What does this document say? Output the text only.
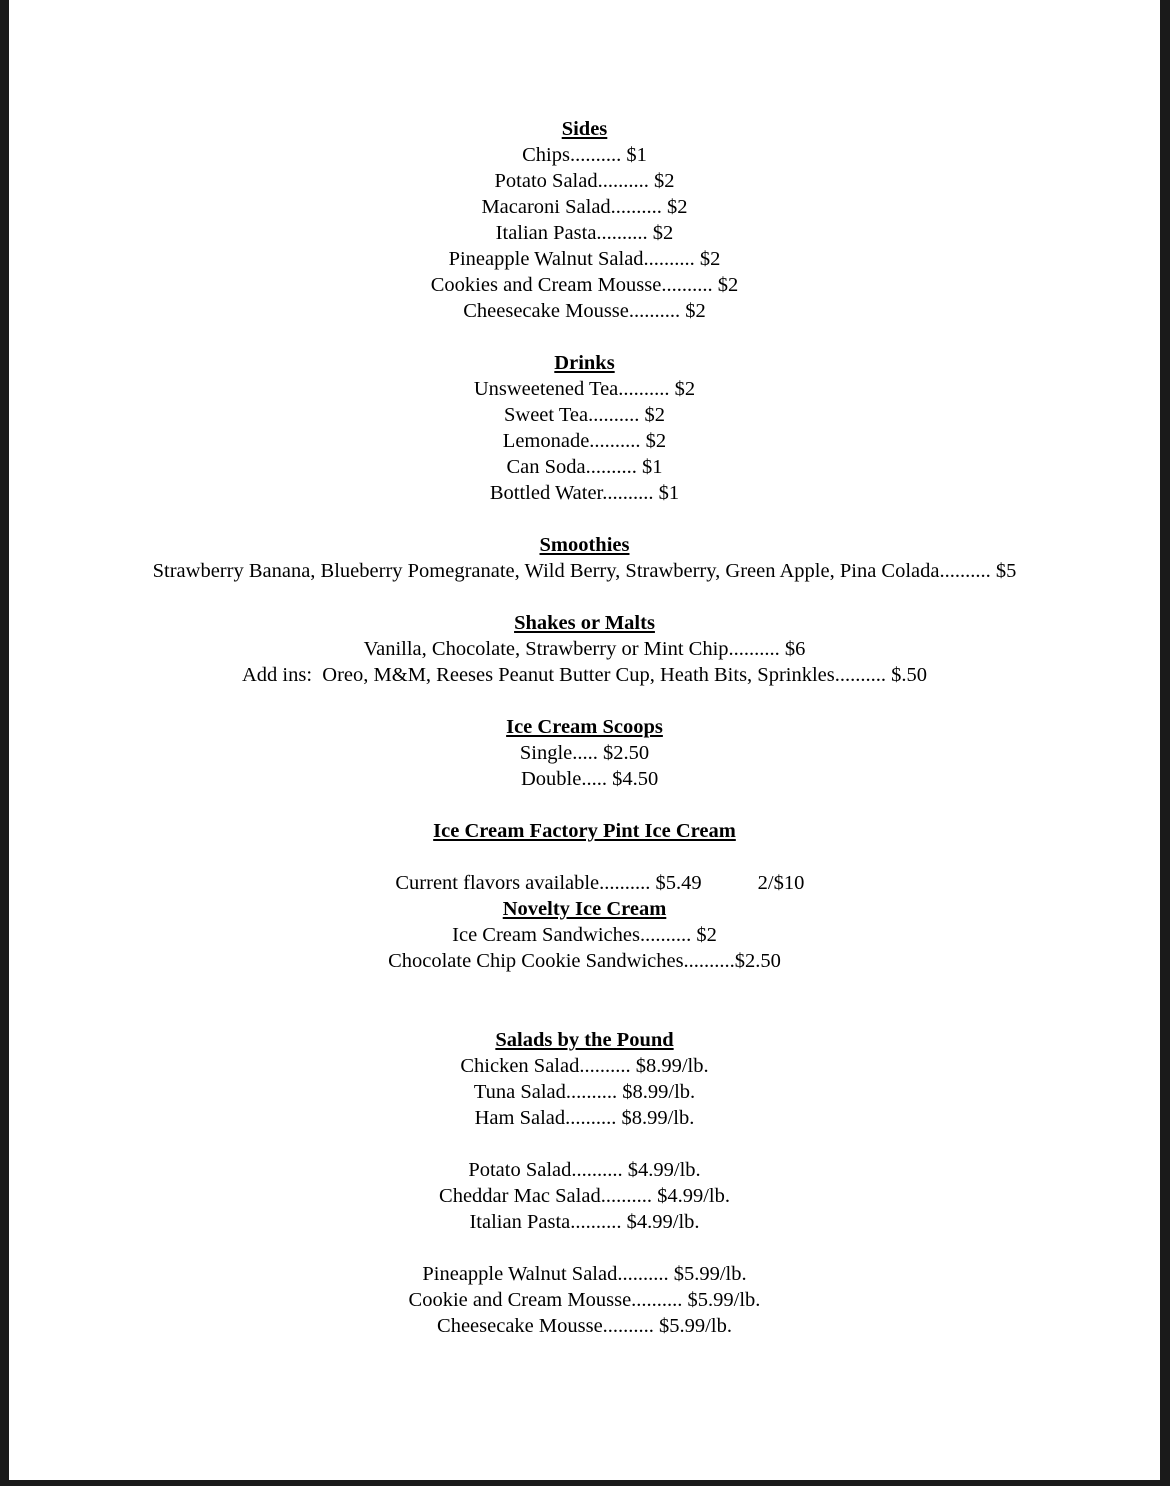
Sides
Chips.......... $1
Potato Salad.......... $2
Macaroni Salad.......... $2
Italian Pasta.......... $2
Pineapple Walnut Salad.......... $2
Cookies and Cream Mousse.......... $2
Cheesecake Mousse.......... $2
Drinks
Unsweetened Tea.......... $2
Sweet Tea.......... $2
Lemonade.......... $2
Can Soda.......... $1
Bottled Water.......... $1
Smoothies
Strawberry Banana, Blueberry Pomegranate, Wild Berry, Strawberry, Green Apple, Pina Colada.......... $5
Shakes or Malts
Vanilla, Chocolate, Strawberry or Mint Chip.......... $6
Add ins:  Oreo, M&M, Reeses Peanut Butter Cup, Heath Bits, Sprinkles.......... $.50
Ice Cream Scoops
Single..... $2.50
Double..... $4.50
Ice Cream Factory Pint Ice Cream

Current flavors available.......... $5.49	2/$10

Novelty Ice Cream
Ice Cream Sandwiches.......... $2
Chocolate Chip Cookie Sandwiches..........$2.50
Salads by the Pound
Chicken Salad.......... $8.99/lb.
Tuna Salad.......... $8.99/lb.
Ham Salad.......... $8.99/lb.
Potato Salad.......... $4.99/lb.
Cheddar Mac Salad.......... $4.99/lb.
Italian Pasta.......... $4.99/lb.
Pineapple Walnut Salad.......... $5.99/lb.
Cookie and Cream Mousse.......... $5.99/lb.
Cheesecake Mousse.......... $5.99/lb.
